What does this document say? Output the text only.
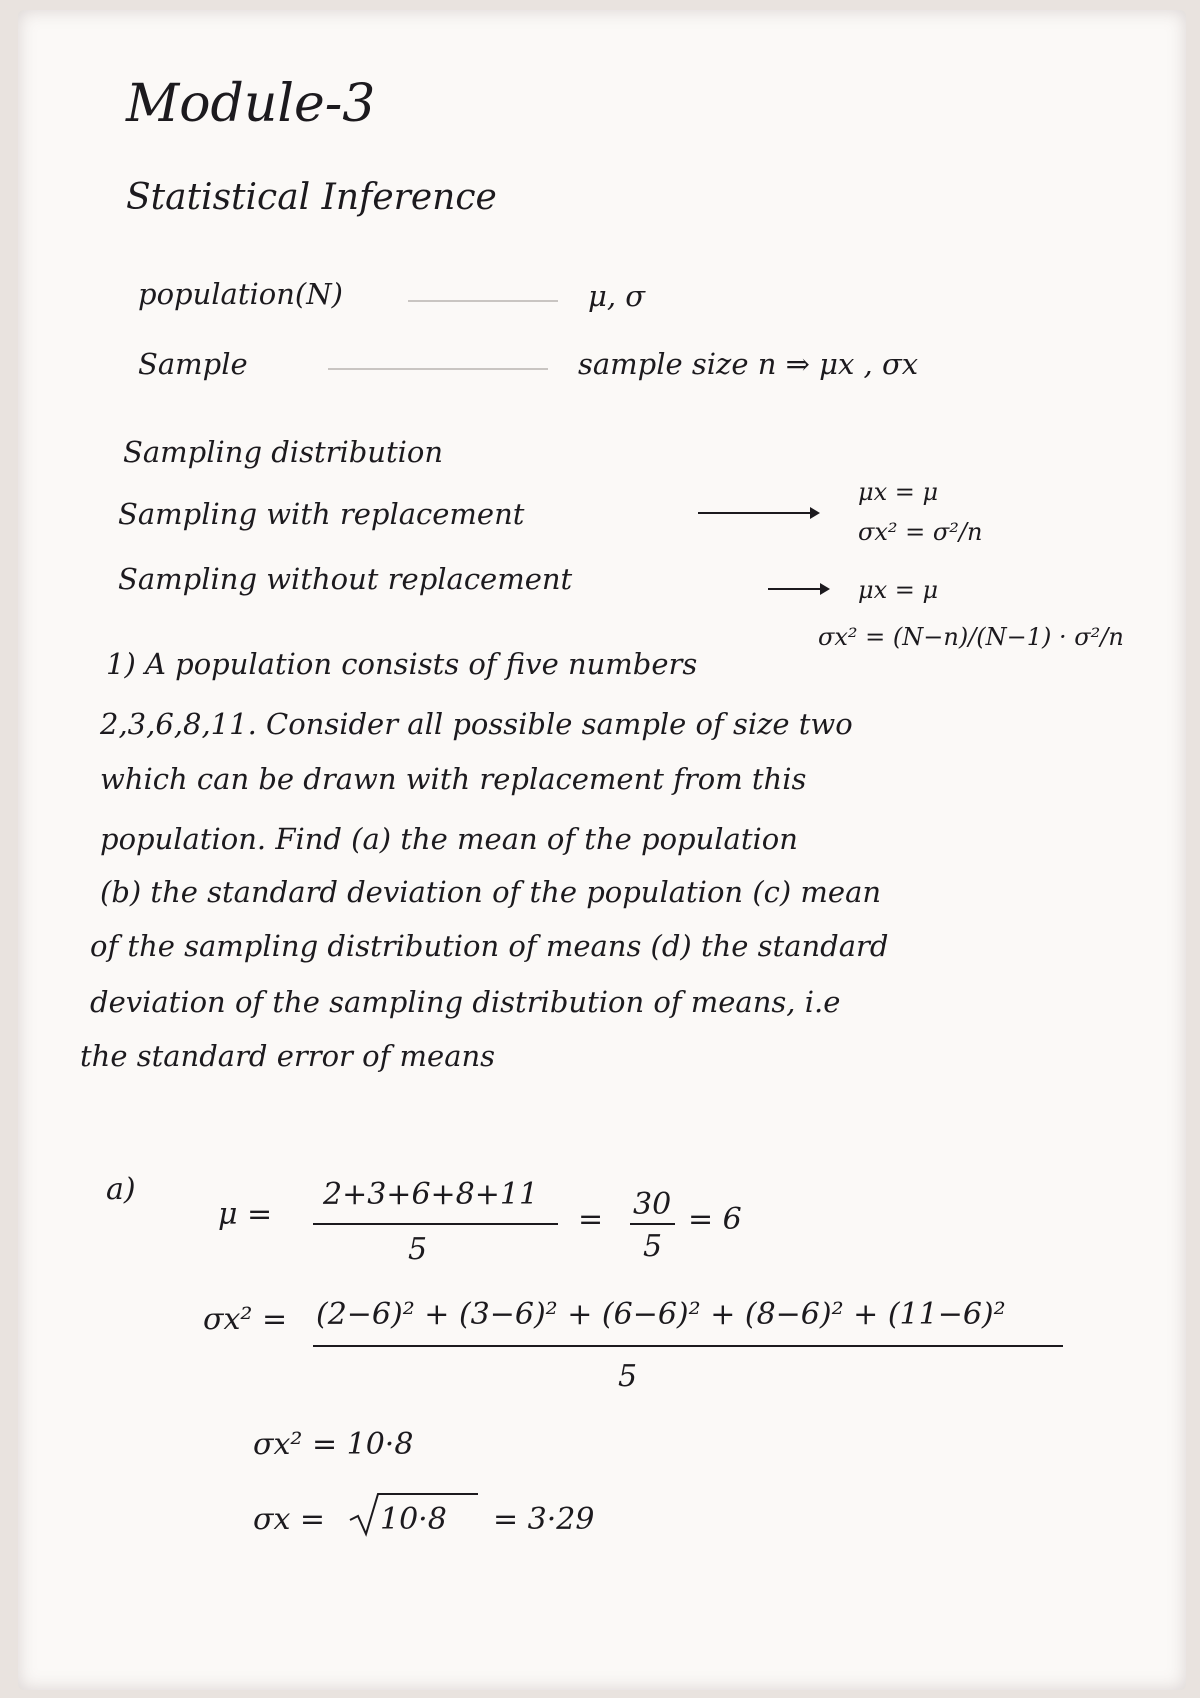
Module-3
Statistical Inference
population(N)	μ, σ
Sample	sample size n ⇒ μx , σx
Sampling distribution
Sampling with replacement
μx = μ
σx² = σ²/n
Sampling without replacement	μx = μ
σx² = (N−n)/(N−1) · σ²/n
1) A population consists of five numbers
2,3,6,8,11. Consider all possible sample of size two
which can be drawn with replacement from this
population. Find (a) the mean of the population
(b) the standard deviation of the population (c) mean
of the sampling distribution of means (d) the standard
deviation of the sampling distribution of means, i.e
the standard error of means
a)
μ =
2+3+6+8+11
5
= 30
5
= 6
σx² = (2−6)² + (3−6)² + (6−6)² + (8−6)² + (11−6)²
5
σx² = 10·8
σx = 10·8 = 3·29
